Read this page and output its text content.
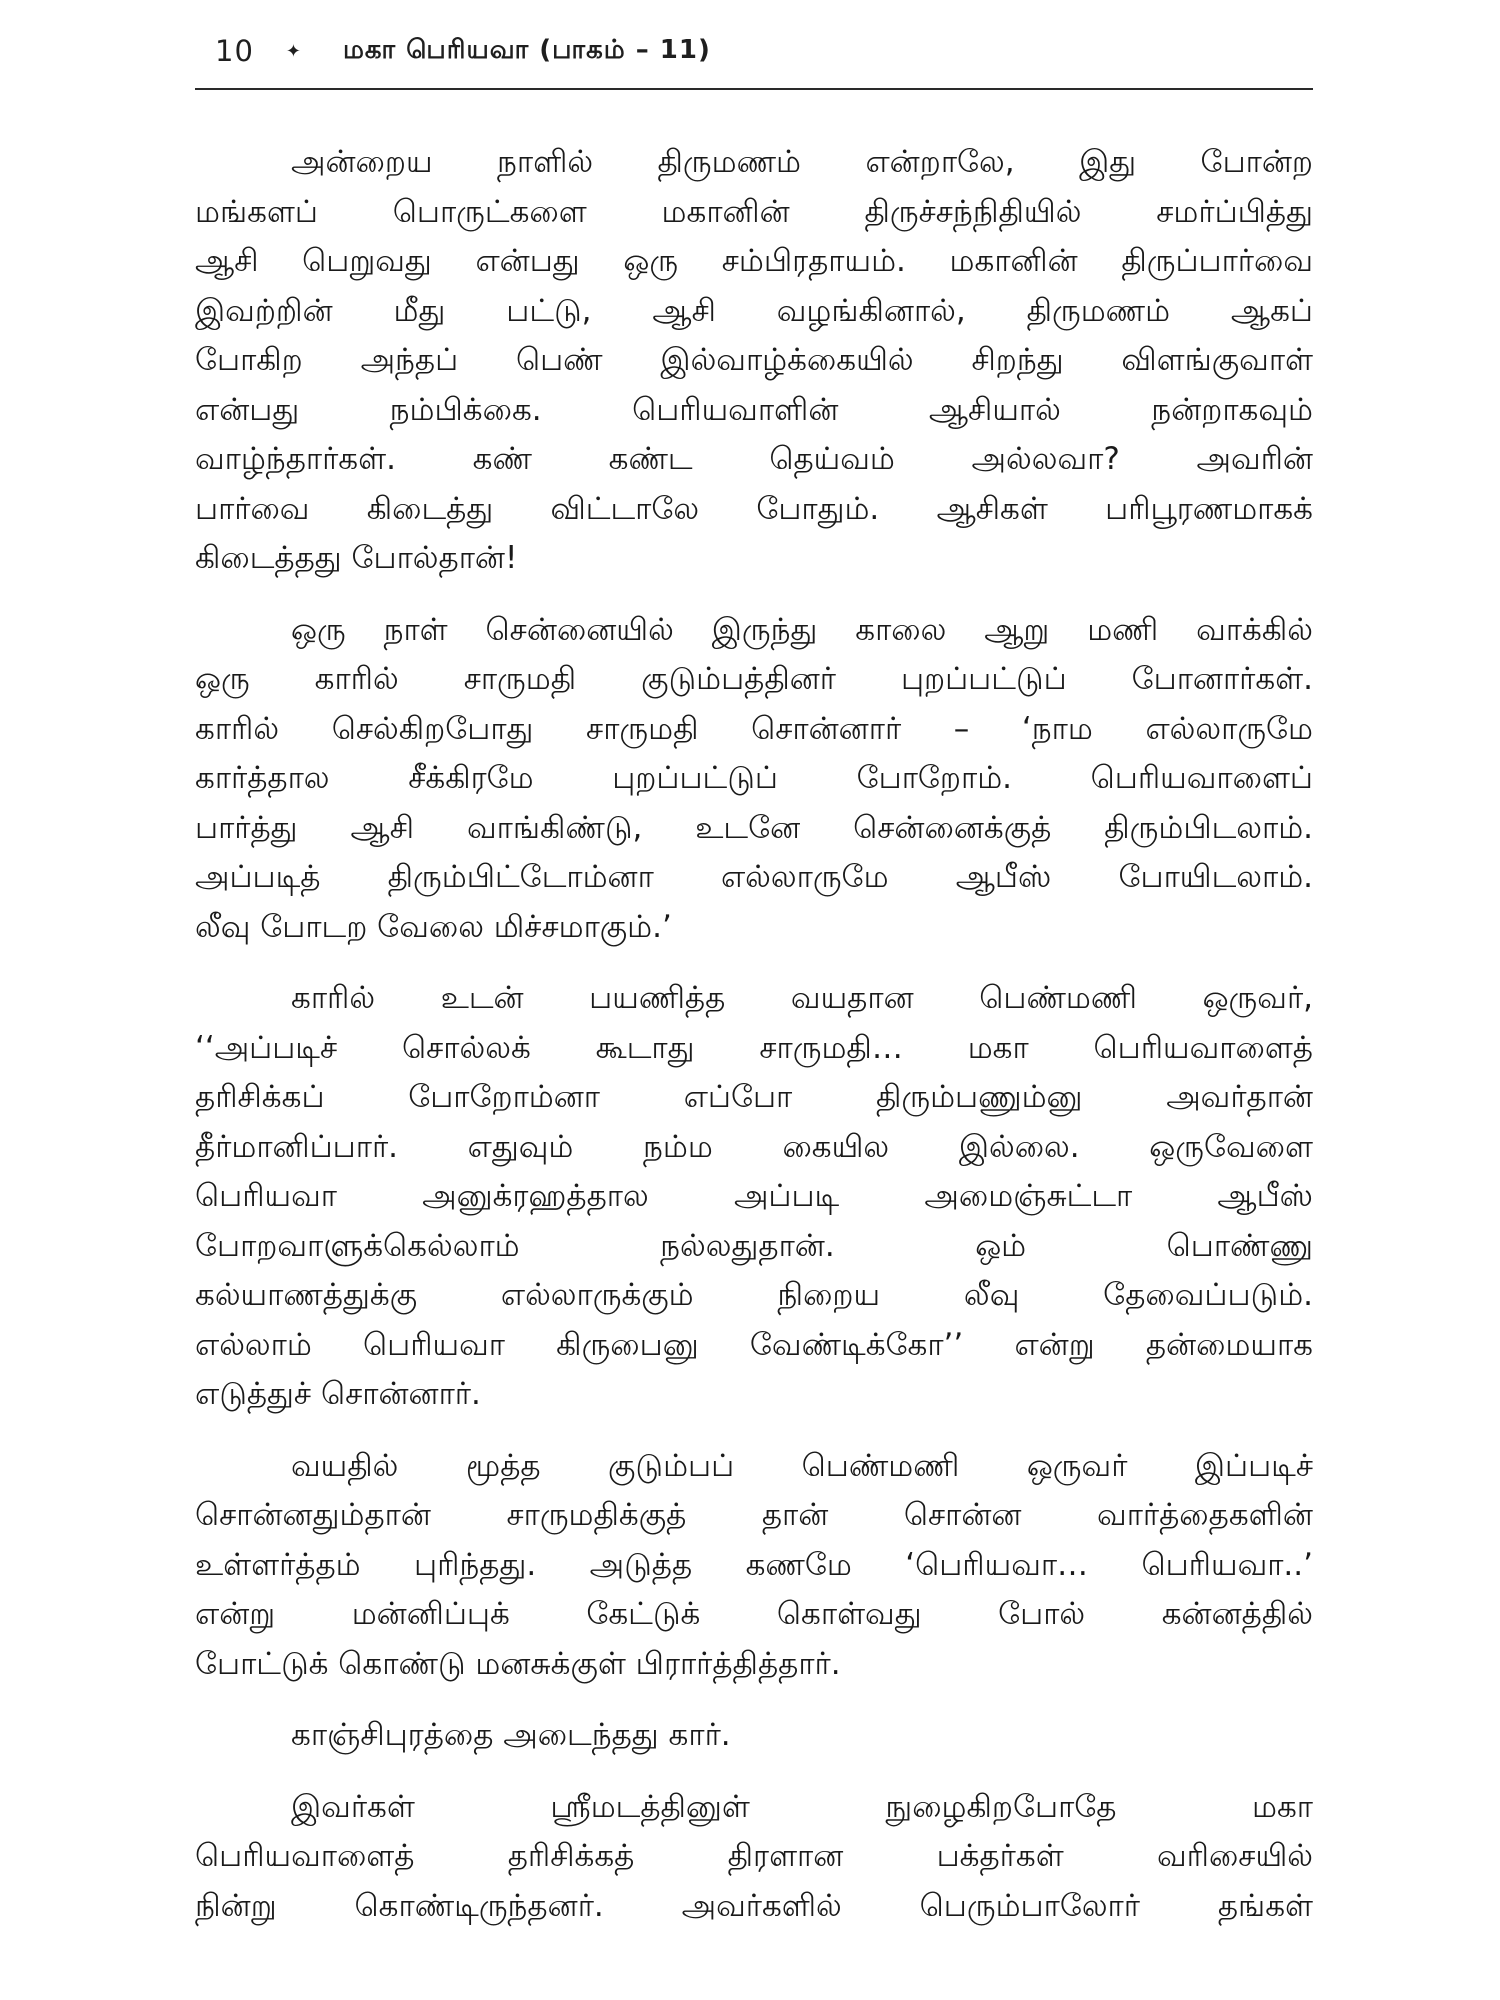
10 ✦ மகா பெரியவா (பாகம் – 11)
அன்றைய நாளில் திருமணம் என்றாலே, இது போன்ற
மங்களப் பொருட்களை மகானின் திருச்சந்நிதியில் சமர்ப்பித்து
ஆசி பெறுவது என்பது ஒரு சம்பிரதாயம். மகானின் திருப்பார்வை
இவற்றின் மீது பட்டு, ஆசி வழங்கினால், திருமணம் ஆகப்
போகிற அந்தப் பெண் இல்வாழ்க்கையில் சிறந்து விளங்குவாள்
என்பது நம்பிக்கை. பெரியவாளின் ஆசியால் நன்றாகவும்
வாழ்ந்தார்கள். கண் கண்ட தெய்வம் அல்லவா? அவரின்
பார்வை கிடைத்து விட்டாலே போதும். ஆசிகள் பரிபூரணமாகக்
கிடைத்தது போல்தான்!
ஒரு நாள் சென்னையில் இருந்து காலை ஆறு மணி வாக்கில்
ஒரு காரில் சாருமதி குடும்பத்தினர் புறப்பட்டுப் போனார்கள்.
காரில் செல்கிறபோது சாருமதி சொன்னார் – ‘நாம எல்லாருமே
கார்த்தால சீக்கிரமே புறப்பட்டுப் போறோம். பெரியவாளைப்
பார்த்து ஆசி வாங்கிண்டு, உடனே சென்னைக்குத் திரும்பிடலாம்.
அப்படித் திரும்பிட்டோம்னா எல்லாருமே ஆபீஸ் போயிடலாம்.
லீவு போடற வேலை மிச்சமாகும்.’
காரில் உடன் பயணித்த வயதான பெண்மணி ஒருவர்,
‘‘அப்படிச் சொல்லக் கூடாது சாருமதி… மகா பெரியவாளைத்
தரிசிக்கப் போறோம்னா எப்போ திரும்பணும்னு அவர்தான்
தீர்மானிப்பார். எதுவும் நம்ம கையில இல்லை. ஒருவேளை
பெரியவா அனுக்ரஹத்தால அப்படி அமைஞ்சுட்டா ஆபீஸ்
போறவாளுக்கெல்லாம் நல்லதுதான். ஒம் பொண்ணு
கல்யாணத்துக்கு எல்லாருக்கும் நிறைய லீவு தேவைப்படும்.
எல்லாம் பெரியவா கிருபைனு வேண்டிக்கோ’’ என்று தன்மையாக
எடுத்துச் சொன்னார்.
வயதில் மூத்த குடும்பப் பெண்மணி ஒருவர் இப்படிச்
சொன்னதும்தான் சாருமதிக்குத் தான் சொன்ன வார்த்தைகளின்
உள்ளர்த்தம் புரிந்தது. அடுத்த கணமே ‘பெரியவா… பெரியவா..’
என்று மன்னிப்புக் கேட்டுக் கொள்வது போல் கன்னத்தில்
போட்டுக் கொண்டு மனசுக்குள் பிரார்த்தித்தார்.
காஞ்சிபுரத்தை அடைந்தது கார்.
இவர்கள் ஸ்ரீமடத்தினுள் நுழைகிறபோதே மகா
பெரியவாளைத் தரிசிக்கத் திரளான பக்தர்கள் வரிசையில்
நின்று கொண்டிருந்தனர். அவர்களில் பெரும்பாலோர் தங்கள்
